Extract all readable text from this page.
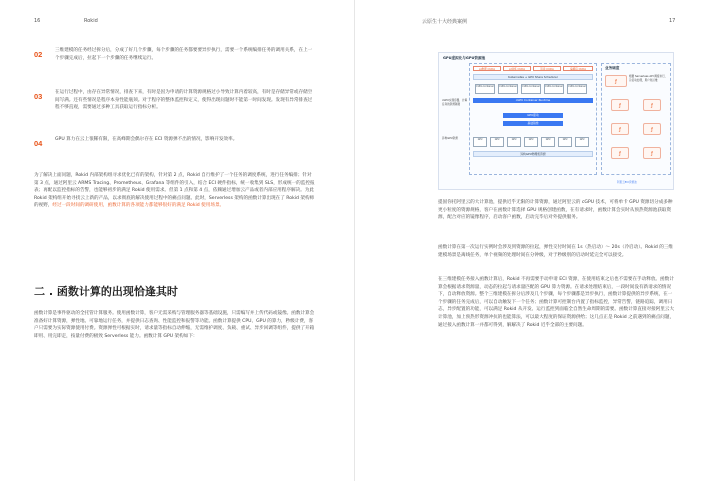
16	Rokid
02	三维建模的任务经过拆分后，分成了好几个步骤，每个步骤的任务都要要异步执行，需要一个系统编排任务的调用关系，在上一个步骤完成后，拉起下一个步骤的任务继续运行。
03	在运行过程中，由存在异常情况，排查下来，有时是因为申请的计算资源规格过小导致计算内着较高，有时是存储异常或存储空间写满。还有些情况是程序本身性能瓶颈。对于程序的整体监控和定义，使得出现问题时不能第一时间发现。发现有异常排查过程不够直观，需要通过多种工具获取运行指标分析。
04	GPU 算力在云上很稀有限，在高峰期会偶尔存在 ECI 资源弹不出的情况，影响开发效率。
为了解决上面问题，Rokid 内部架构组寻求优化已有的架构，针对第 2 点，Rokid 自行维护了一个任务的调度系统，进行任务编排；针对第 3 点，通过阿里云 ARMS Tracing、Prometheus、Grafana 等组件的引入，结合 ECI 硬件指标，统一收集到 SLS，形成统一的监控报表；再配以监控指标的告警，也能够初步的满足 Rokid 使用需求。但第 1 点和第 4 点，依赖通过增加云产品或者内部应用程序解决。为此 Rokid 架构组开始寻找云上新的产品，以求彻底的解决使用过程中的痛点问题。此时，Serverless 架构的函数计算出现在了 Rokid 架构师的视野，经过一段时间的调研使用，函数计算的各项能力都能够很好的满足 Rokid 使用场景。
二 . 函数计算的出现恰逢其时
函数计算是事件驱动的全托管计算服务。使用函数计算，客户无需采购与管理服务器等基础设施，只需编写并上传代码或镜像。函数计算会准备好计算资源，弹性地、可靠地运行任务，并提供日志查询、性能监控和报警等功能。函数计算提供 CPU、GPU 的算力，秒级计费，客户只需要为实际资源使用付费。资源弹性可根据实时，请求量等指标自动伸缩，无需维护调度、负载、重试、异步回调等组件，提供了开箱即用、用完即走，按量付费的极致 Serverless 能力。函数计算 GPU 架构如下：
云原生十大经典案例	17
GPU虚拟化与GPU资源池
AI推理 CUDA	AI训练 CUDA	渲染 CUDA	编解码 CUDA
Kubernetes + GPU Share Scheduler
CUDA Container	CUDA Container	CUDA Container	CUDA Container	CUDA Container
cGPU Container Runtime
cGPU实现容器、计算任务的资源隔离
GPU驱动
基础镜像
异构GPU资源	GPU	GPU	GPU	GPU	GPU	GPU	GPU
异构GPU物理机资源
业务调度
ƒ
根据 Serverless API 调度执行，冷启动处理，用户免运维
ƒ	ƒ
ƒ	ƒ
ƒ	ƒ
阿里云ECI资源池
提固你托阿里云的大计算池，提供近乎无限的计算资源，通过阿里云的 cGPU 技术，可将单卡 GPU 资源切分成多种更小粒度的资源规格，客户在函数计算选择 GPU 规格创建函数，在有请求时，函数计算会实时从预热资源池获取资源，配合对应的镜像程序，启动客户函数，启动完毕后对外提供服务。
函数计算在第一次运行实例时会涉及到资源的拉起，弹性交付时间在 1s（热启动）～ 20s（冷启动）。Rokid 的三维建模场景是离线任务，单个视频的处理时间在分钟级，对于秒级别的启动时延完全可以接受。
在三维建模任务接入函数计算后，Rokid 不再需要手动申请 ECI 资源，在使用结束之后也不需要在手动释放。函数计算会根据请求资源量，动态的拉起与请求量匹配的 GPU 算力资源。在请求处理结束后，一段时间没有新请求的情况下，自动释放资源。整个三维建模在拆分后涉及几个步骤，每个步骤都是异步执行，函数计算提供的异步系统，在一个步骤的任务完成后，可以自动触发下一个任务；函数计算可控制台内置了指标监控，异常告警，链路追踪，调用日志，异步配置的功能，可以满足 Rokid 从开发、运行监控到面临全自然生命周期的需要。函数计算直接对接阿里云大计算池，加上预热形资源冲抗的也能算法，可以最大程度的保证资源供给；这几点正是 Rokid 之前遇到的痛点问题，通过接入函数计算一并都可得到，解解决了 Rokid 近乎全部的主要问题。
